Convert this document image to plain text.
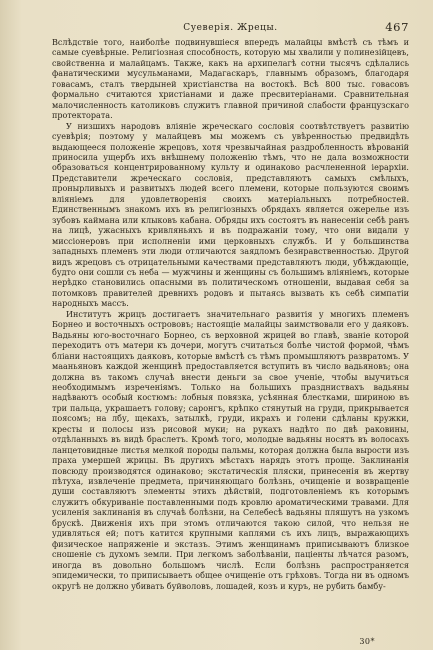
Суеверія. Жрецы.	467

Вслѣдствіе того, наиболѣе подвинувшіеся впередъ малайцы вмѣстѣ съ тѣмъ и самые суевѣрные. Религіозная способность, которую мы хвалили у полинезійцевъ, свойственна и малайцамъ. Также, какъ на архипелагѣ сотни тысячъ сдѣлались фанатическими мусульманами, Мадагаскаръ, главнымъ образомъ, благодаря говасамъ, сталъ твердыней христіанства на востокѣ. Всѣ 800 тыс. говасовъ формально считаются христіанами и даже пресвитеріанами. Сравнительная малочисленность католиковъ служитъ главной причиной слабости французскаго протектората.

У низшихъ народовъ вліяніе жреческаго сословія соотвѣтствуетъ развитію суевѣрія; поэтому у малайцевъ мы можемъ съ увѣренностью предвидѣть выдающееся положеніе жрецовъ, хотя чрезвычайная раздробленность вѣрованій приносила ущербъ ихъ внѣшнему положенію тѣмъ, что не дала возможности образоваться концентрированному культу и одинаково расчлененной іерархіи. Представители жреческаго сословія, представляютъ самыхъ смѣлыхъ, пронырливыхъ и развитыхъ людей всего племени, которые пользуются своимъ вліяніемъ для удовлетворенія своихъ матеріальныхъ потребностей. Единственнымъ знакомъ ихъ въ религіозныхъ обрядахъ является ожерелье изъ зубовъ каймана или клыковъ кабана. Обряды ихъ состоятъ въ нанесеніи себѣ ранъ на лицѣ, ужасныхъ кривляньяхъ и въ подражаніи тому, что они видали у миссіонеровъ при исполненіи ими церковныхъ службъ. И у большинства западныхъ племенъ эти люди отличаются заядломъ безнравственностью. Другой видъ жрецовъ съ отрицательными качествами представляютъ люди, убѣждающіе, будто они сошли съ неба — мужчины и женщины съ большимъ вліяніемъ, которые нерѣдко становились опасными въ политическомъ отношеніи, выдавая себя за потомковъ правителей древнихъ родовъ и пытаясь вызвать къ себѣ симпатіи народныхъ массъ.

Институтъ жрицъ достигаетъ значительнаго развитія у многихъ племенъ Борнео и восточныхъ острововъ; настоящіе малайцы заимствовали его у даяковъ. Вадьяны юго-восточнаго Борнео, съ верховной жрицей во главѣ, званіе которой переходитъ отъ матери къ дочери, могутъ считаться болѣе чистой формой, чѣмъ бліани настоящихъ даяковъ, которые вмѣстѣ съ тѣмъ промышляютъ развратомъ. У мааньяновъ каждой женщинѣ предоставляется вступить въ число вадьяновъ; она должна въ такомъ случаѣ внести деньги за свое ученіе, чтобы выучиться необходимымъ изреченіямъ. Только на большихъ праздниствахъ вадьяны надѣваютъ особый костюмъ: лобныя повязка, усѣянная блестками, шириною въ три пальца, украшаетъ голову; саронгъ, крѣпко стянутый на груди, прикрывается поясомъ; на лбу, щекахъ, затылкѣ, груди, икрахъ и голени сдѣланы кружки, кресты и полосы изъ рисовой муки; на рукахъ надѣто по двѣ раковины, отдѣланныхъ въ видѣ браслетъ. Кромѣ того, молодые вадьяны носятъ въ волосахъ ланцетовидные листья мелкой породы пальмы, которая должна была вырости изъ праха умершей жрицы. Въ другихъ мѣстахъ нарядъ этотъ проще. Заклинанія повсюду производятся одинаково; экстатическія пляски, принесенія въ жертву пѣтуха, извлеченіе предмета, причиняющаго болѣзнь, очищеніе и возвращеніе души составляютъ элементы этихъ дѣйствій, подготовленіемъ къ которымъ служитъ обкуриваніе поставленными подъ кровлю ароматическими травами. Для усиленія заклинанія въ случаѣ болѣзни, на Селебесѣ вадьяны пляшутъ на узкомъ брускѣ. Движенія ихъ при этомъ отличаются такою силой, что нельзя не удивляться ей; потъ катится крупными каплями съ ихъ лицъ, выражающихъ физическое напряженіе и экстазъ. Этимъ женщинамъ приписываютъ близкое сношеніе съ духомъ земли. При легкомъ заболѣваніи, паціенты лѣчатся разомъ, иногда въ довольно большомъ числѣ. Если болѣзнь распространяется эпидемически, то приписываетъ общее очищеніе отъ грѣховъ. Тогда ни въ одномъ округѣ не должно убивать буйволовъ, лошадей, козъ и куръ, не рубить бамбу-

30*
